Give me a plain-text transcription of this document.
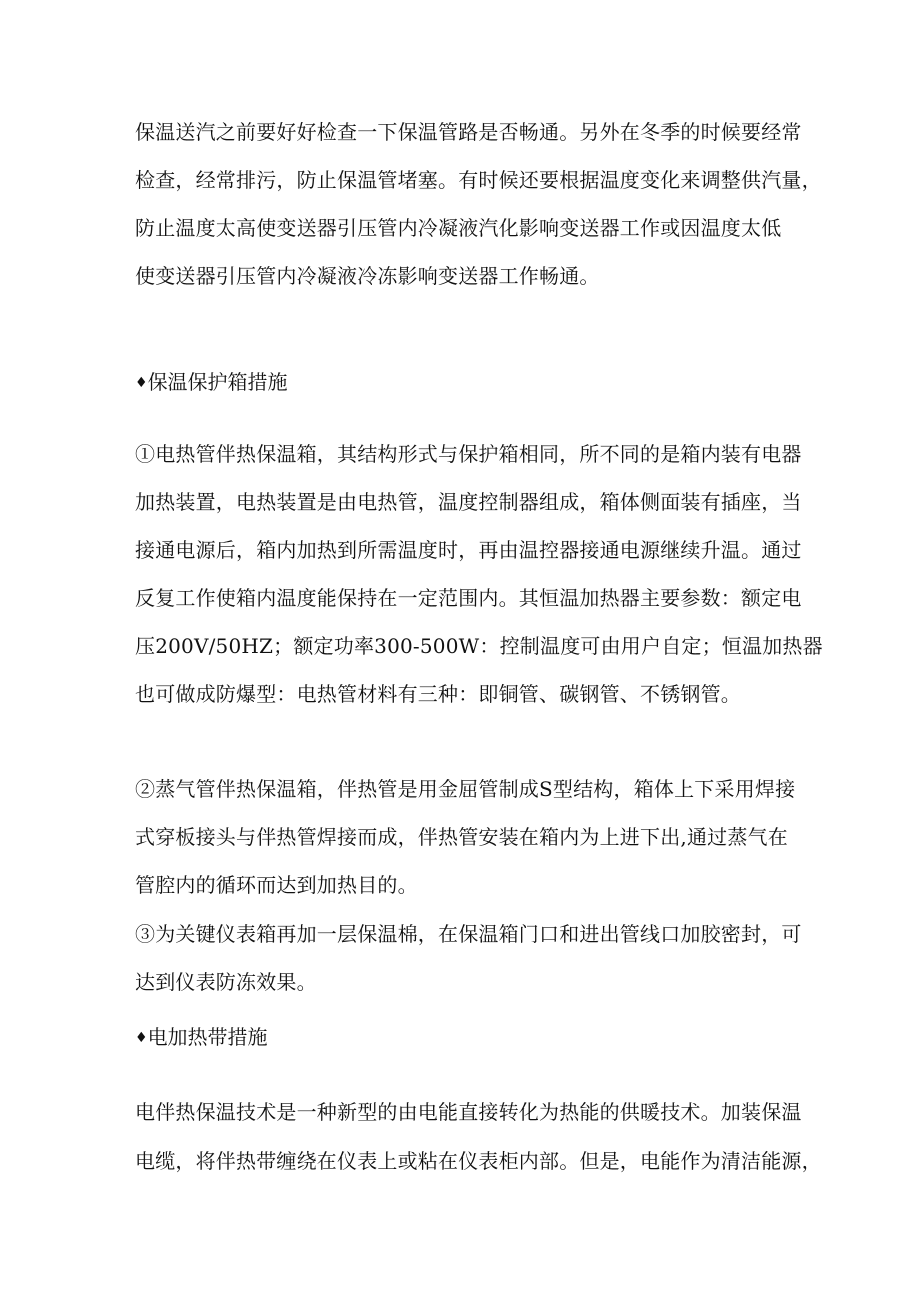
保温送汽之前要好好检查一下保温管路是否畅通。另外在冬季的时候要经常
检查，经常排污，防止保温管堵塞。有时候还要根据温度变化来调整供汽量，
防止温度太高使变送器引压管内冷凝液汽化影响变送器工作或因温度太低
使变送器引压管内冷凝液冷冻影响变送器工作畅通。
♦保温保护箱措施
①电热管伴热保温箱，其结构形式与保护箱相同，所不同的是箱内装有电器
加热装置，电热装置是由电热管，温度控制器组成，箱体侧面装有插座，当
接通电源后，箱内加热到所需温度时，再由温控器接通电源继续升温。通过
反复工作使箱内温度能保持在一定范围内。其恒温加热器主要参数：额定电
压200V/50HZ；额定功率300-500W：控制温度可由用户自定；恒温加热器
也可做成防爆型：电热管材料有三种：即铜管、碳钢管、不锈钢管。
②蒸气管伴热保温箱，伴热管是用金屈管制成S型结构，箱体上下采用焊接
式穿板接头与伴热管焊接而成，伴热管安装在箱内为上进下出,通过蒸气在
管腔内的循环而达到加热目的。
③为关键仪表箱再加一层保温棉，在保温箱门口和进出管线口加胶密封，可
达到仪表防冻效果。
♦电加热带措施
电伴热保温技术是一种新型的由电能直接转化为热能的供暖技术。加装保温
电缆，将伴热带缠绕在仪表上或粘在仪表柜内部。但是，电能作为清洁能源，
